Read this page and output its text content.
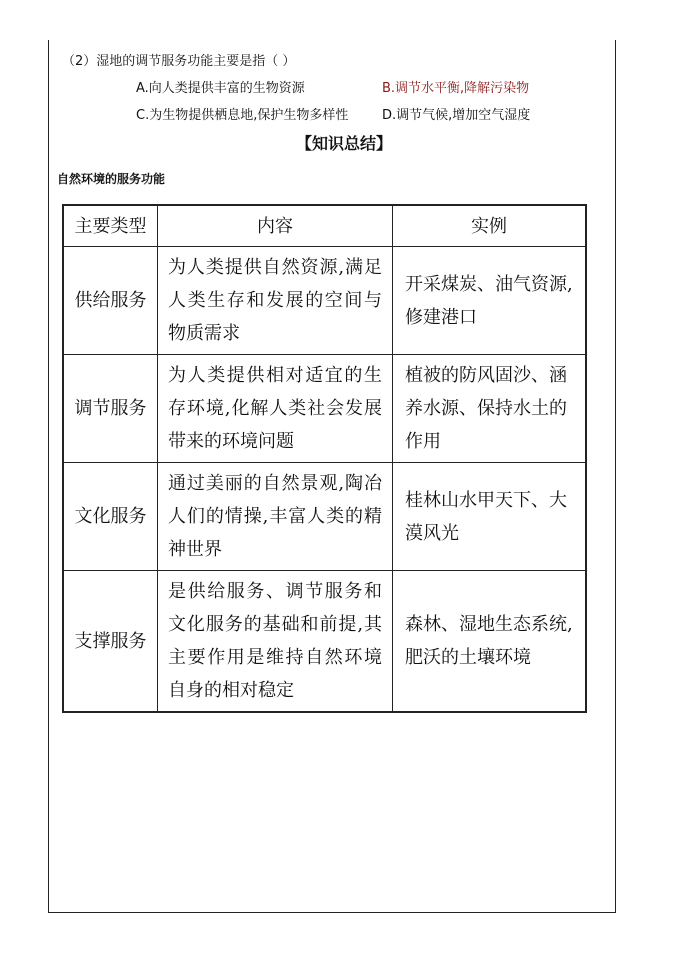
（2）湿地的调节服务功能主要是指（ ）
A.向人类提供丰富的生物资源	B.调节水平衡,降解污染物
C.为生物提供栖息地,保护生物多样性	D.调节气候,增加空气湿度
【知识总结】
自然环境的服务功能
主要类型	内容	实例
供给服务	为人类提供自然资源,满足人类生存和发展的空间与物质需求	开采煤炭、油气资源,修建港口
调节服务	为人类提供相对适宜的生存环境,化解人类社会发展带来的环境问题	植被的防风固沙、涵养水源、保持水土的作用
文化服务	通过美丽的自然景观,陶冶人们的情操,丰富人类的精神世界	桂林山水甲天下、大漠风光
支撑服务	是供给服务、调节服务和文化服务的基础和前提,其主要作用是维持自然环境自身的相对稳定	森林、湿地生态系统,肥沃的土壤环境
